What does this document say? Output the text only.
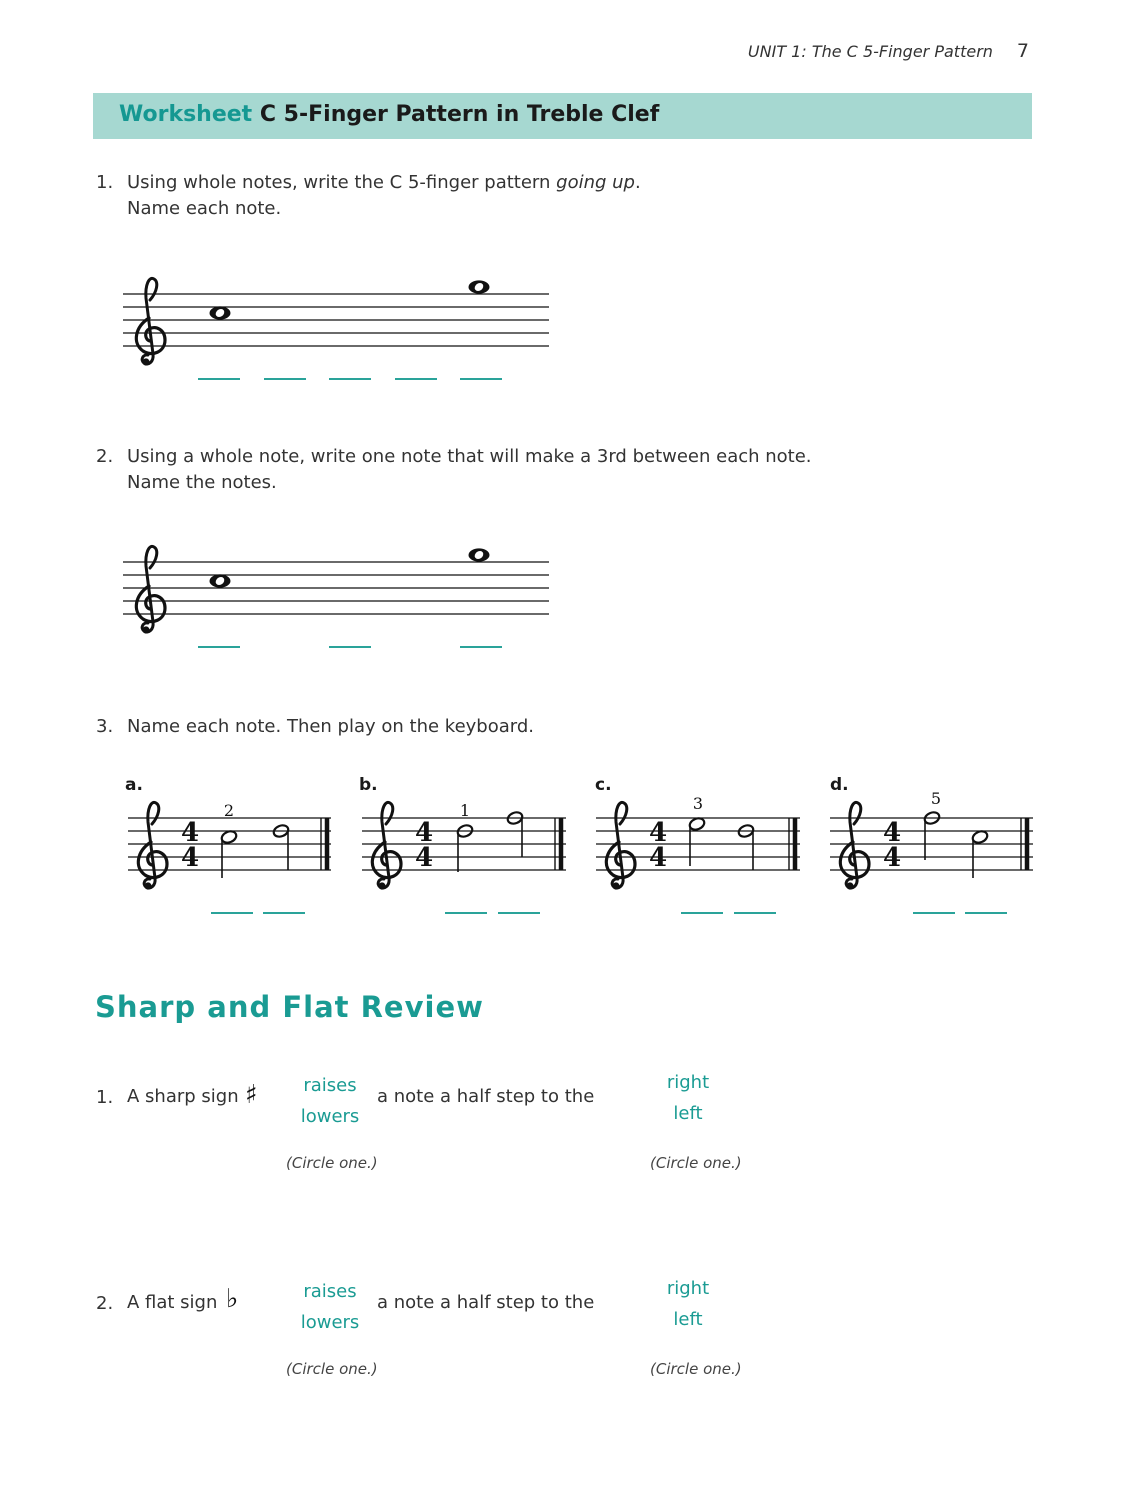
UNIT 1: The C 5-Finger Pattern 7
Worksheet C 5-Finger Pattern in Treble Clef
1. Using whole notes, write the C 5-finger pattern going up.
Name each note.
4
4
4
4
4
4
4
4
2	1	3	5
2. Using a whole note, write one note that will make a 3rd between each note.
Name the notes.
3. Name each note. Then play on the keyboard.
a.	b.	c.	d.
Sharp and Flat Review
1. A sharp sign ♯	raises
lowers
a note a half step to the
right
left
(Circle one.)	(Circle one.)
2. A flat sign ♭	raises
lowers
a note a half step to the
right
left
(Circle one.)	(Circle one.)
